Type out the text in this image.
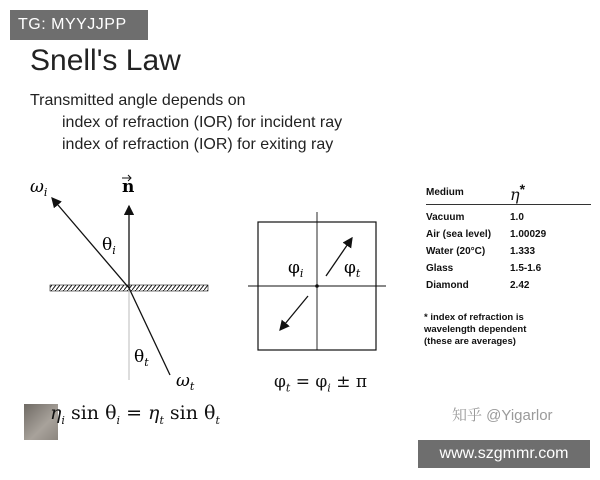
TG: MYYJJPP
Snell's Law
Transmitted angle depends on
index of refraction (IOR) for incident ray
index of refraction (IOR) for exiting ray
$\omega_i$	n
$\theta_i$
$\theta_t$
$\omega_t$
$\varphi_i$ $\varphi_t$
$\varphi_t = \varphi_i \pm \pi$
$\eta_i$ $\sin \theta_i = \eta_t$ $\sin \theta_t$
Medium	η*
Vacuum	1.0
Air (sea level)	1.00029
Water (20°C)	1.333
Glass	1.5-1.6
Diamond	2.42
* index of refraction is
wavelength dependent
(these are averages)
知乎 @Yigarlor
www.szgmmr.com
